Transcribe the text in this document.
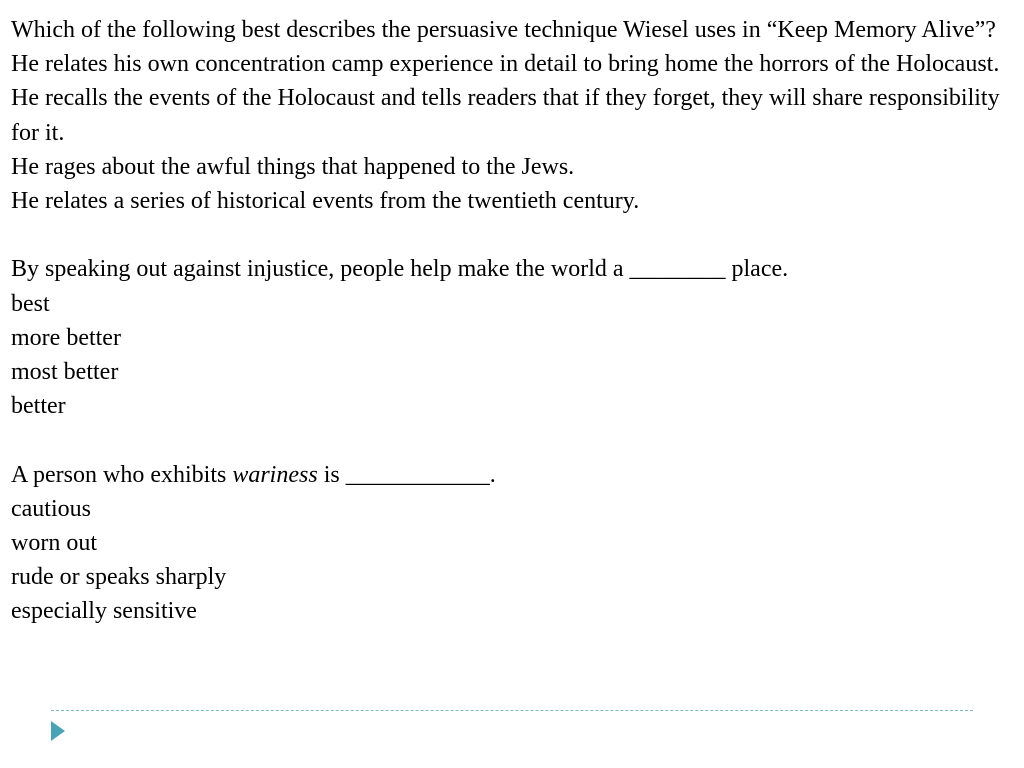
Which of the following best describes the persuasive technique Wiesel uses in “Keep Memory Alive”?
He relates his own concentration camp experience in detail to bring home the horrors of the Holocaust.
He recalls the events of the Holocaust and tells readers that if they forget, they will share responsibility for it.
He rages about the awful things that happened to the Jews.
He relates a series of historical events from the twentieth century.
By speaking out against injustice, people help make the world a ________ place.
best
more better
most better
better
A person who exhibits wariness is ____________.
cautious
worn out
rude or speaks sharply
especially sensitive
